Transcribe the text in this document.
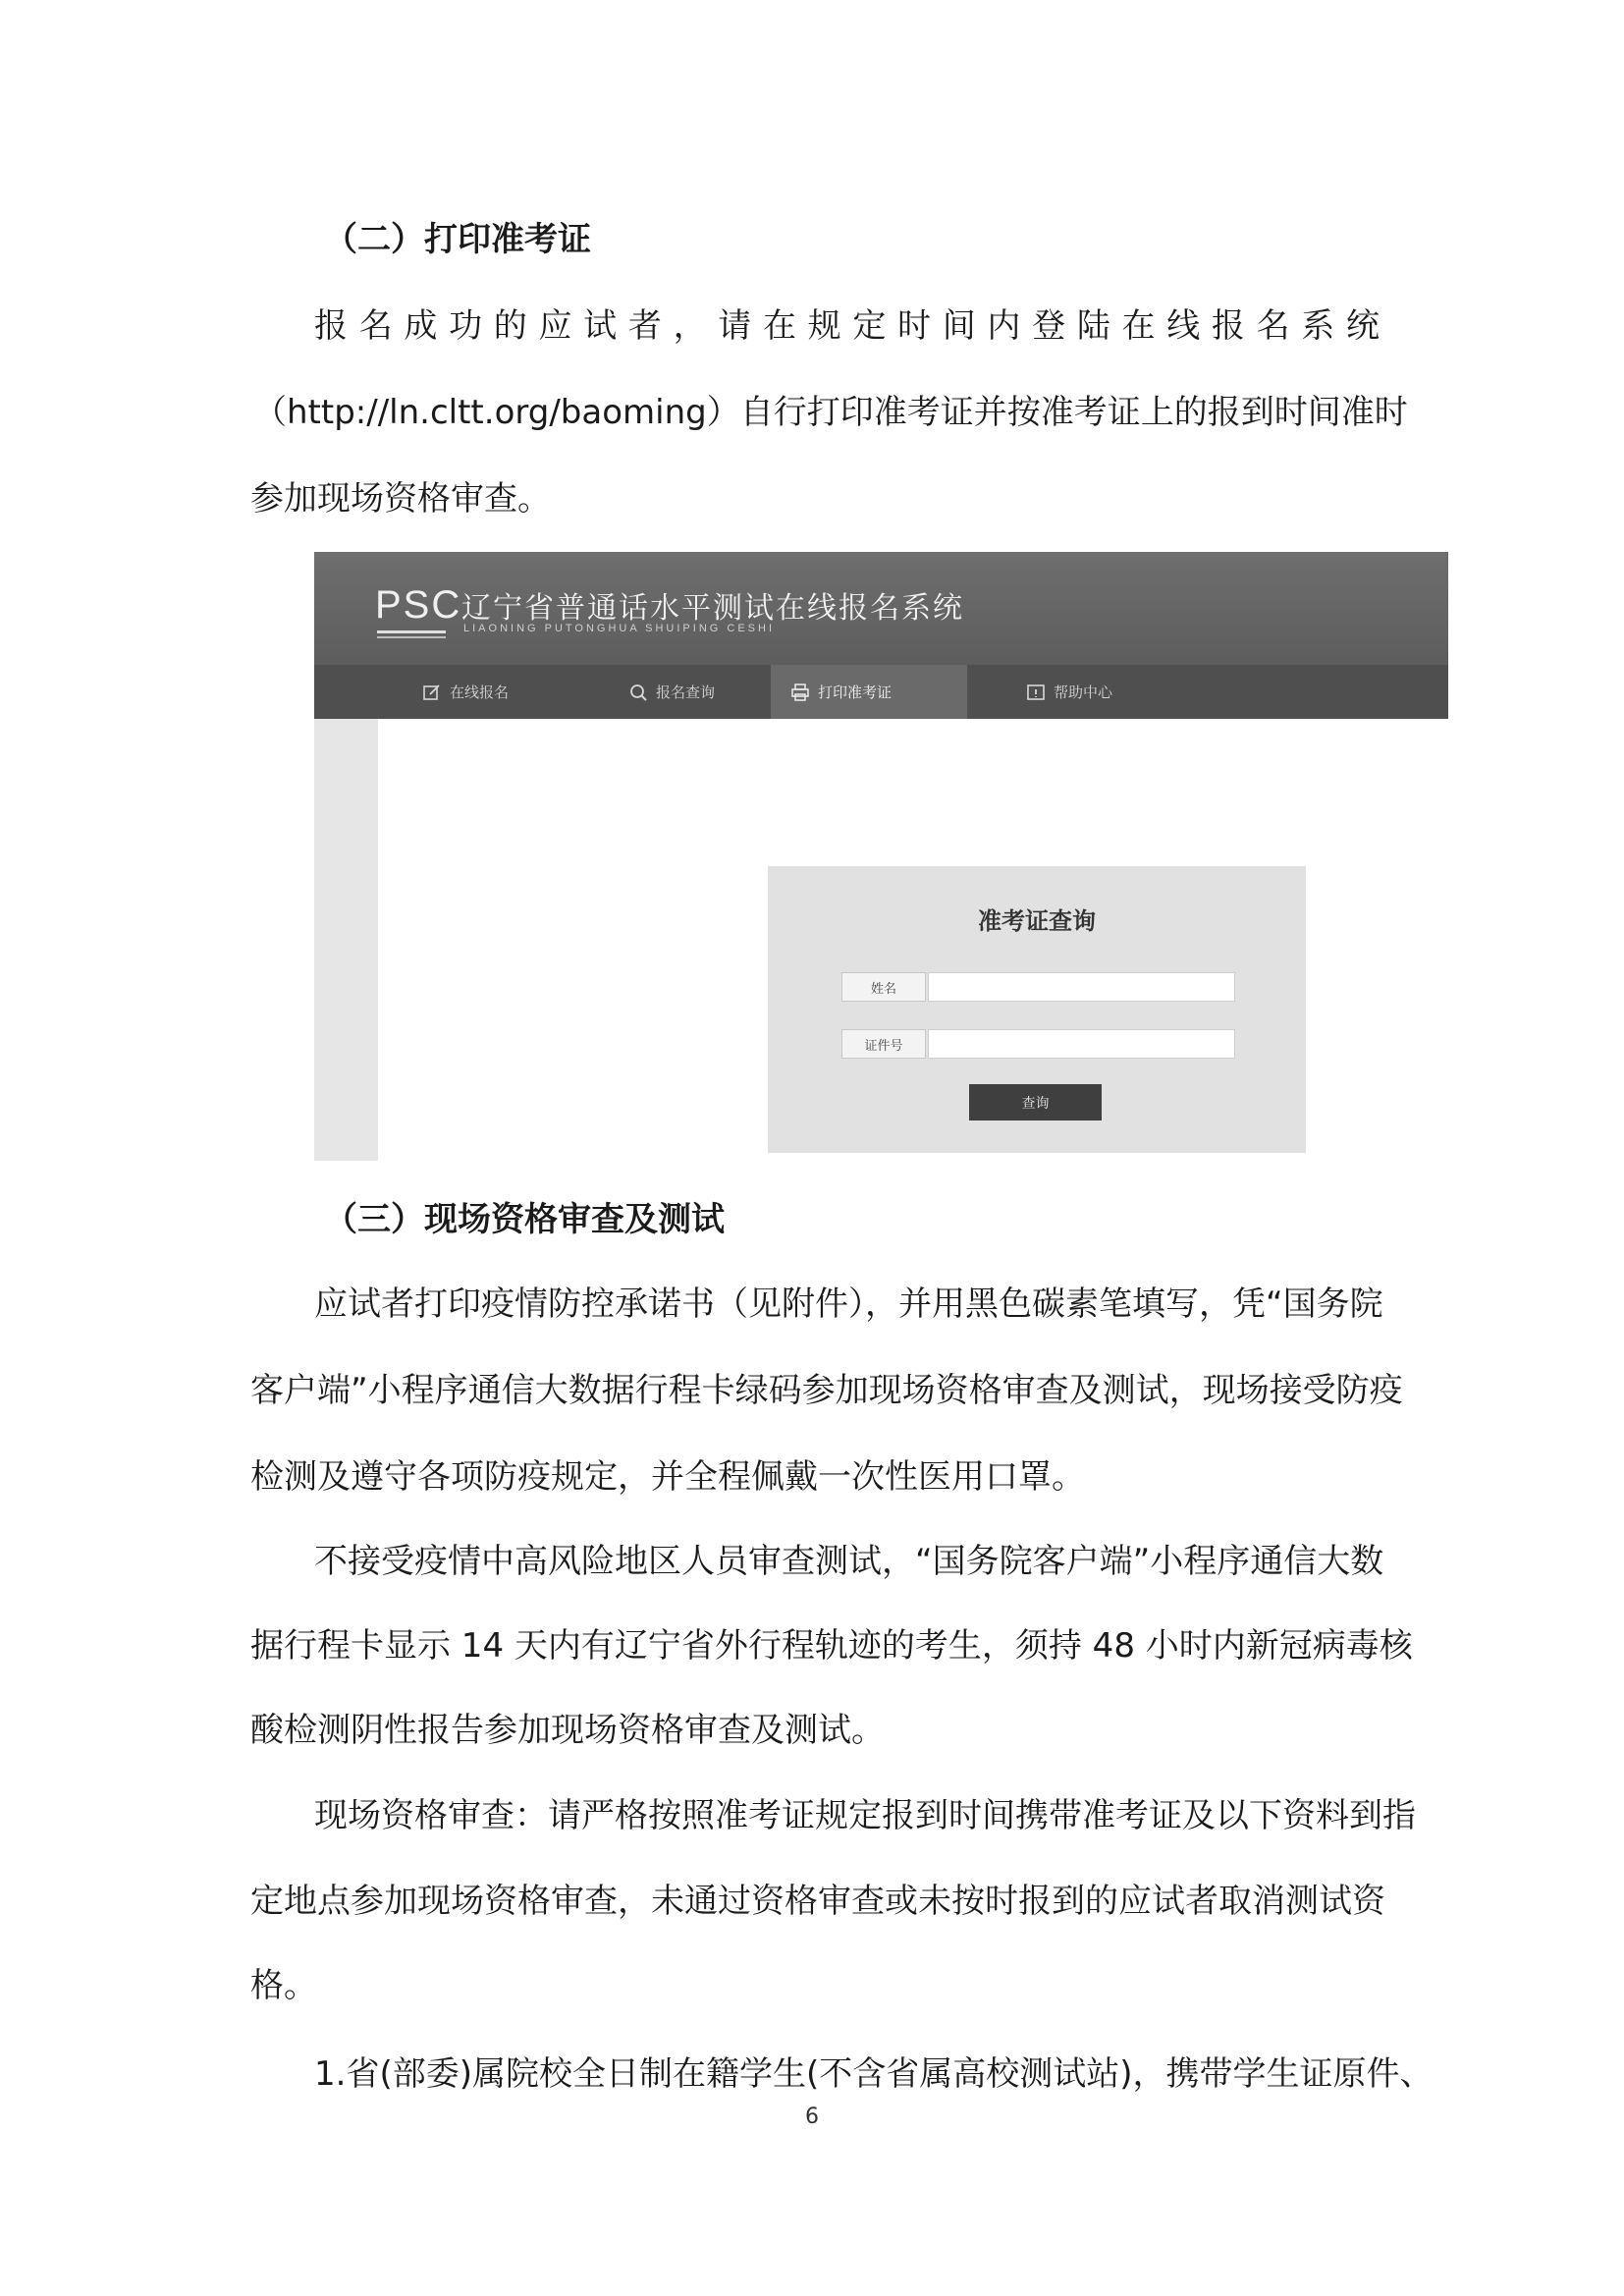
（二）打印准考证

报名成功的应试者，请在规定时间内登陆在线报名系统

（http://ln.cltt.org/baoming）自行打印准考证并按准考证上的报到时间准时

参加现场资格审查。

PSC 辽宁省普通话水平测试在线报名系统
LIAONING PUTONGHUA SHUIPING CESHI
在线报名	报名查询	打印准考证	帮助中心
准考证查询
姓名
证件号
查询
（三）现场资格审查及测试

应试者打印疫情防控承诺书（见附件），并用黑色碳素笔填写，凭“国务院

客户端”小程序通信大数据行程卡绿码参加现场资格审查及测试，现场接受防疫

检测及遵守各项防疫规定，并全程佩戴一次性医用口罩。

不接受疫情中高风险地区人员审查测试，“国务院客户端”小程序通信大数

据行程卡显示 14 天内有辽宁省外行程轨迹的考生，须持 48 小时内新冠病毒核

酸检测阴性报告参加现场资格审查及测试。

现场资格审查：请严格按照准考证规定报到时间携带准考证及以下资料到指

定地点参加现场资格审查，未通过资格审查或未按时报到的应试者取消测试资

格。

1.省(部委)属院校全日制在籍学生(不含省属高校测试站)，携带学生证原件、

6
